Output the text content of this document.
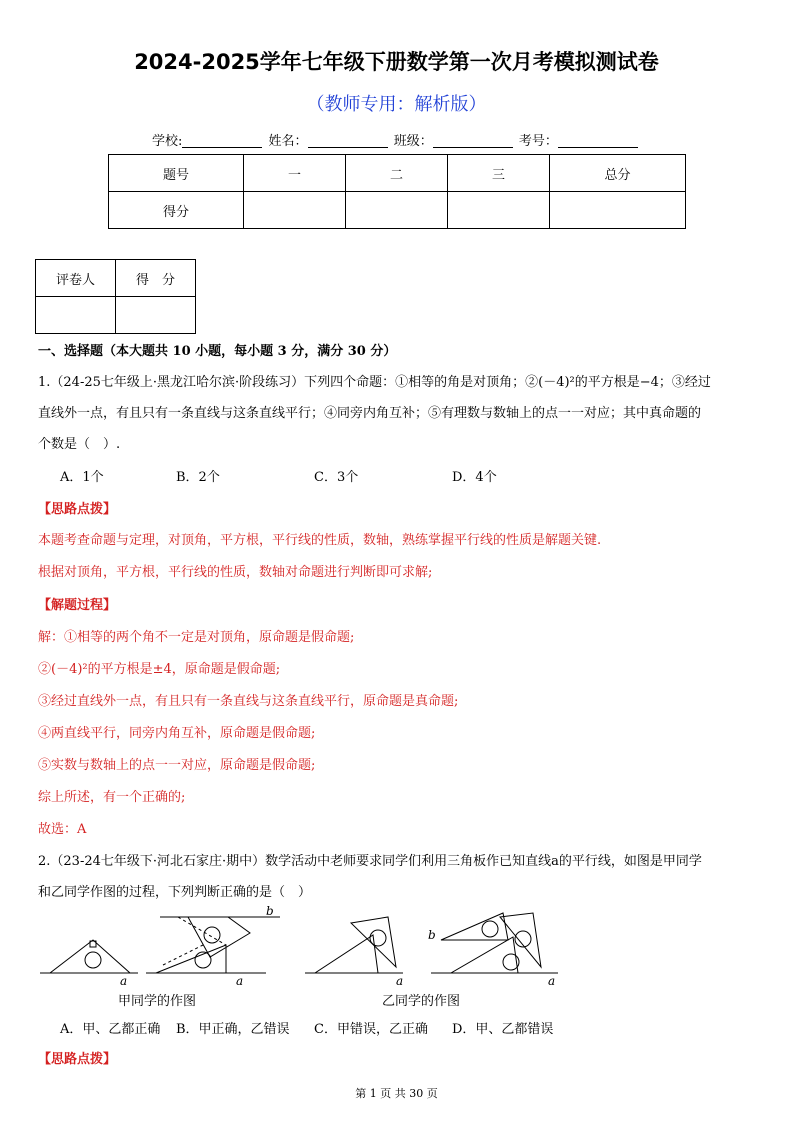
2024-2025学年七年级下册数学第一次月考模拟测试卷
（教师专用：解析版）
学校:	姓名：	班级：	考号：
题号	一	二	三	总分
得分				
评卷人	得　分

一、选择题（本大题共 10 小题，每小题 3 分，满分 30 分）
1.（24-25七年级上·黑龙江哈尔滨·阶段练习）下列四个命题：①相等的角是对顶角；②(－4)²的平方根是−4；③经过
直线外一点，有且只有一条直线与这条直线平行；④同旁内角互补；⑤有理数与数轴上的点一一对应；其中真命题的
个数是（　）.
A．1个	B．2个	C．3个	D．4个
【思路点拨】
本题考查命题与定理，对顶角，平方根，平行线的性质，数轴，熟练掌握平行线的性质是解题关键.
根据对顶角，平方根，平行线的性质，数轴对命题进行判断即可求解;
【解题过程】
解：①相等的两个角不一定是对顶角，原命题是假命题;
②(－4)²的平方根是±4，原命题是假命题;
③经过直线外一点，有且只有一条直线与这条直线平行，原命题是真命题;
④两直线平行，同旁内角互补，原命题是假命题;
⑤实数与数轴上的点一一对应，原命题是假命题;
综上所述，有一个正确的;
故选：A
2.（23-24七年级下·河北石家庄·期中）数学活动中老师要求同学们利用三角板作已知直线a的平行线，如图是甲同学
和乙同学作图的过程，下列判断正确的是（　）
a	a
b
a
b
a
甲同学的作图	乙同学的作图
A．甲、乙都正确 B．甲正确，乙错误 C．甲错误，乙正确 D．甲、乙都错误
【思路点拨】
第 1 页 共 30 页
